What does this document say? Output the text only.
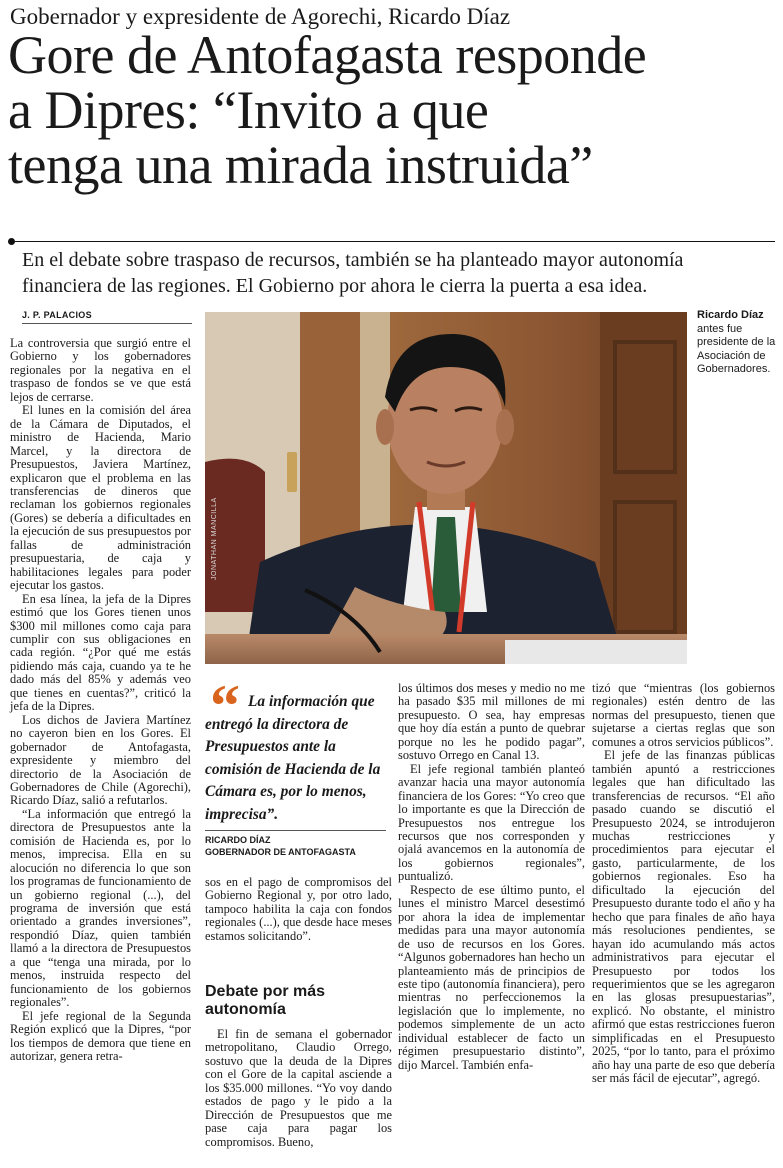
Gobernador y expresidente de Agorechi, Ricardo Díaz
Gore de Antofagasta responde
a Dipres: “Invito a que
tenga una mirada instruida”
En el debate sobre traspaso de recursos, también se ha planteado mayor autonomía
financiera de las regiones. El Gobierno por ahora le cierra la puerta a esa idea.
J. P. PALACIOS

La controversia que surgió entre el Gobierno y los gobernadores regionales por la negativa en el traspaso de fondos se ve que está lejos de cerrarse.

El lunes en la comisión del área de la Cámara de Diputados, el ministro de Hacienda, Mario Marcel, y la directora de Presupuestos, Javiera Martínez, explicaron que el problema en las transferencias de dineros que reclaman los gobiernos regionales (Gores) se debería a dificultades en la ejecución de sus presupuestos por fallas de administración presupuestaria, de caja y habilitaciones legales para poder ejecutar los gastos.

En esa línea, la jefa de la Dipres estimó que los Gores tienen unos $300 mil millones como caja para cumplir con sus obligaciones en cada región. “¿Por qué me estás pidiendo más caja, cuando ya te he dado más del 85% y además veo que tienes en cuentas?”, criticó la jefa de la Dipres.

Los dichos de Javiera Martínez no cayeron bien en los Gores. El gobernador de Antofagasta, expresidente y miembro del directorio de la Asociación de Gobernadores de Chile (Agorechi), Ricardo Díaz, salió a refutarlos.

“La información que entregó la directora de Presupuestos ante la comisión de Hacienda es, por lo menos, imprecisa. Ella en su alocución no diferencia lo que son los programas de funcionamiento de un gobierno regional (...), del programa de inversión que está orientado a grandes inversiones”, respondió Díaz, quien también llamó a la directora de Presupuestos a que “tenga una mirada, por lo menos, instruida respecto del funcionamiento de los gobiernos regionales”.

El jefe regional de la Segunda Región explicó que la Dipres, “por los tiempos de demora que tiene en autorizar, genera retra-

JONATHAN MANCILLA
Ricardo Díaz antes fue presidente de la Asociación de Gobernadores.
“ La información que entregó la directora de Presupuestos ante la comisión de Hacienda de la Cámara es, por lo menos, imprecisa”.
RICARDO DÍAZ
GOBERNADOR DE ANTOFAGASTA

sos en el pago de compromisos del Gobierno Regional y, por otro lado, tampoco habilita la caja con fondos regionales (...), que desde hace meses estamos solicitando”.

Debate por más autonomía

El fin de semana el gobernador metropolitano, Claudio Orrego, sostuvo que la deuda de la Dipres con el Gore de la capital asciende a los $35.000 millones. “Yo voy dando estados de pago y le pido a la Dirección de Presupuestos que me pase caja para pagar los compromisos. Bueno,

los últimos dos meses y medio no me ha pasado $35 mil millones de mi presupuesto. O sea, hay empresas que hoy día están a punto de quebrar porque no les he podido pagar”, sostuvo Orrego en Canal 13.

El jefe regional también planteó avanzar hacia una mayor autonomía financiera de los Gores: “Yo creo que lo importante es que la Dirección de Presupuestos nos entregue los recursos que nos corresponden y ojalá avancemos en la autonomía de los gobiernos regionales”, puntualizó.

Respecto de ese último punto, el lunes el ministro Marcel desestimó por ahora la idea de implementar medidas para una mayor autonomía de uso de recursos en los Gores. “Algunos gobernadores han hecho un planteamiento más de principios de este tipo (autonomía financiera), pero mientras no perfeccionemos la legislación que lo implemente, no podemos simplemente de un acto individual establecer de facto un régimen presupuestario distinto”, dijo Marcel. También enfa-

tizó que “mientras (los gobiernos regionales) estén dentro de las normas del presupuesto, tienen que sujetarse a ciertas reglas que son comunes a otros servicios públicos”.

El jefe de las finanzas públicas también apuntó a restricciones legales que han dificultado las transferencias de recursos. “El año pasado cuando se discutió el Presupuesto 2024, se introdujeron muchas restricciones y procedimientos para ejecutar el gasto, particularmente, de los gobiernos regionales. Eso ha dificultado la ejecución del Presupuesto durante todo el año y ha hecho que para finales de año haya más resoluciones pendientes, se hayan ido acumulando más actos administrativos para ejecutar el Presupuesto por todos los requerimientos que se les agregaron en las glosas presupuestarias”, explicó. No obstante, el ministro afirmó que estas restricciones fueron simplificadas en el Presupuesto 2025, “por lo tanto, para el próximo año hay una parte de eso que debería ser más fácil de ejecutar”, agregó.
